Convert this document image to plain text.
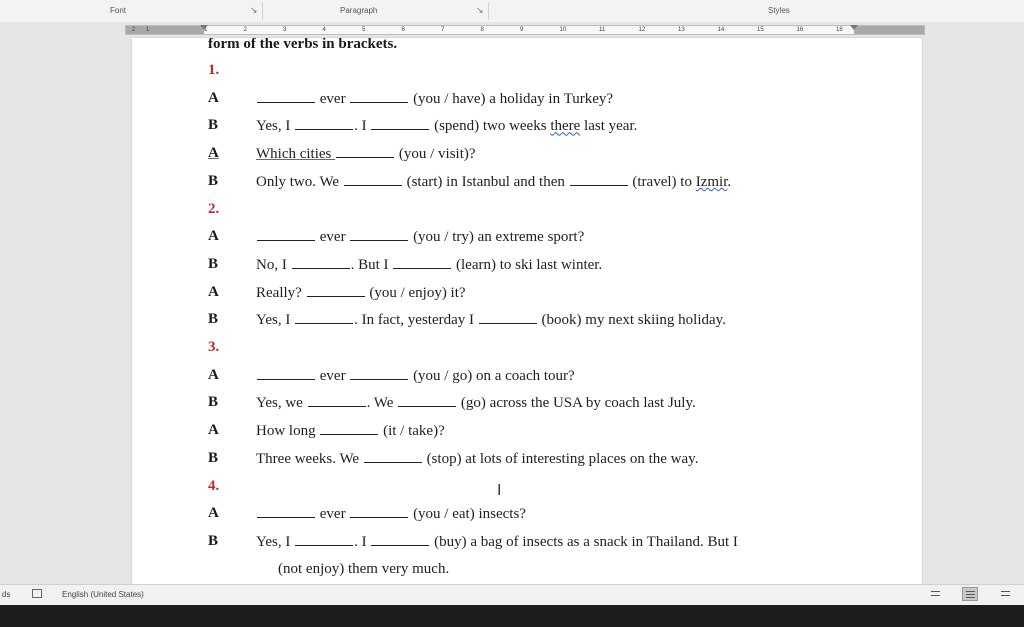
Font	↘	Paragraph	↘	Styles
2 1	1	2	3	4	5	6	7	8	9	10	11	12	13	14	15	16	18
form of the verbs in brackets.
1.
A	ever	(you / have) a holiday in Turkey?
B	Yes, I	. I	(spend) two weeks there last year.
A Which cities	(you / visit)?
B	Only two. We	(start) in Istanbul and then	(travel) to Izmir.
2.
A	ever	(you / try) an extreme sport?
B	No, I	. But I	(learn) to ski last winter.
A Really?	(you / enjoy) it?
B	Yes, I	. In fact, yesterday I	(book) my next skiing holiday.
3.
A	ever	(you / go) on a coach tour?
B	Yes, we	. We	(go) across the USA by coach last July.
A How long	(it / take)?
B	Three weeks. We	(stop) at lots of interesting places on the way.
4.
A	ever	(you / eat) insects?
B	Yes, I	. I	(buy) a bag of insects as a snack in Thailand. But I
(not enjoy) them very much.
I
ds	English (United States)
